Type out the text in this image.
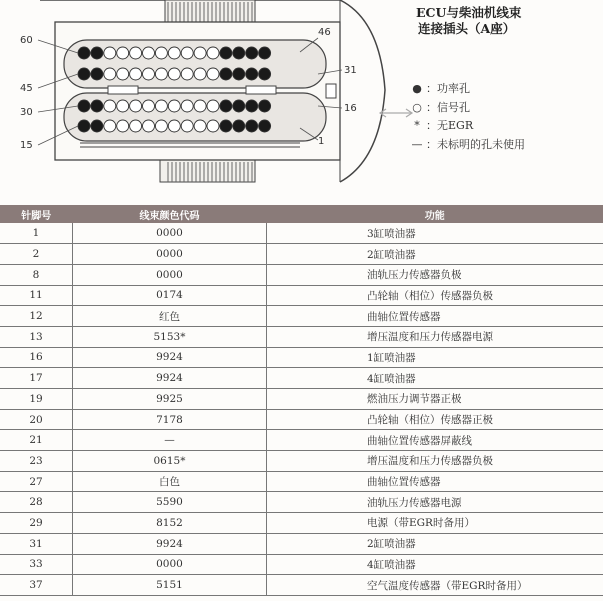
60
46
45
31
30	16
15	1
ECU与柴油机线束
连接插头（A座）
● ：功率孔
○ ：信号孔
* ：无EGR
— ：未标明的孔未使用
针脚号	线束颜色代码	功能
1	0000	3缸喷油器
2	0000	2缸喷油器
8	0000	油轨压力传感器负极
11	0174	凸轮轴（相位）传感器负极
12	红色	曲轴位置传感器
13	5153*	增压温度和压力传感器电源
16	9924	1缸喷油器
17	9924	4缸喷油器
19	9925	燃油压力调节器正极
20	7178	凸轮轴（相位）传感器正极
21	—	曲轴位置传感器屏蔽线
23	0615*	增压温度和压力传感器负极
27	白色	曲轴位置传感器
28	5590	油轨压力传感器电源
29	8152	电源（带EGR时备用）
31	9924	2缸喷油器
33	0000	4缸喷油器
37	5151	空气温度传感器（带EGR时备用）
